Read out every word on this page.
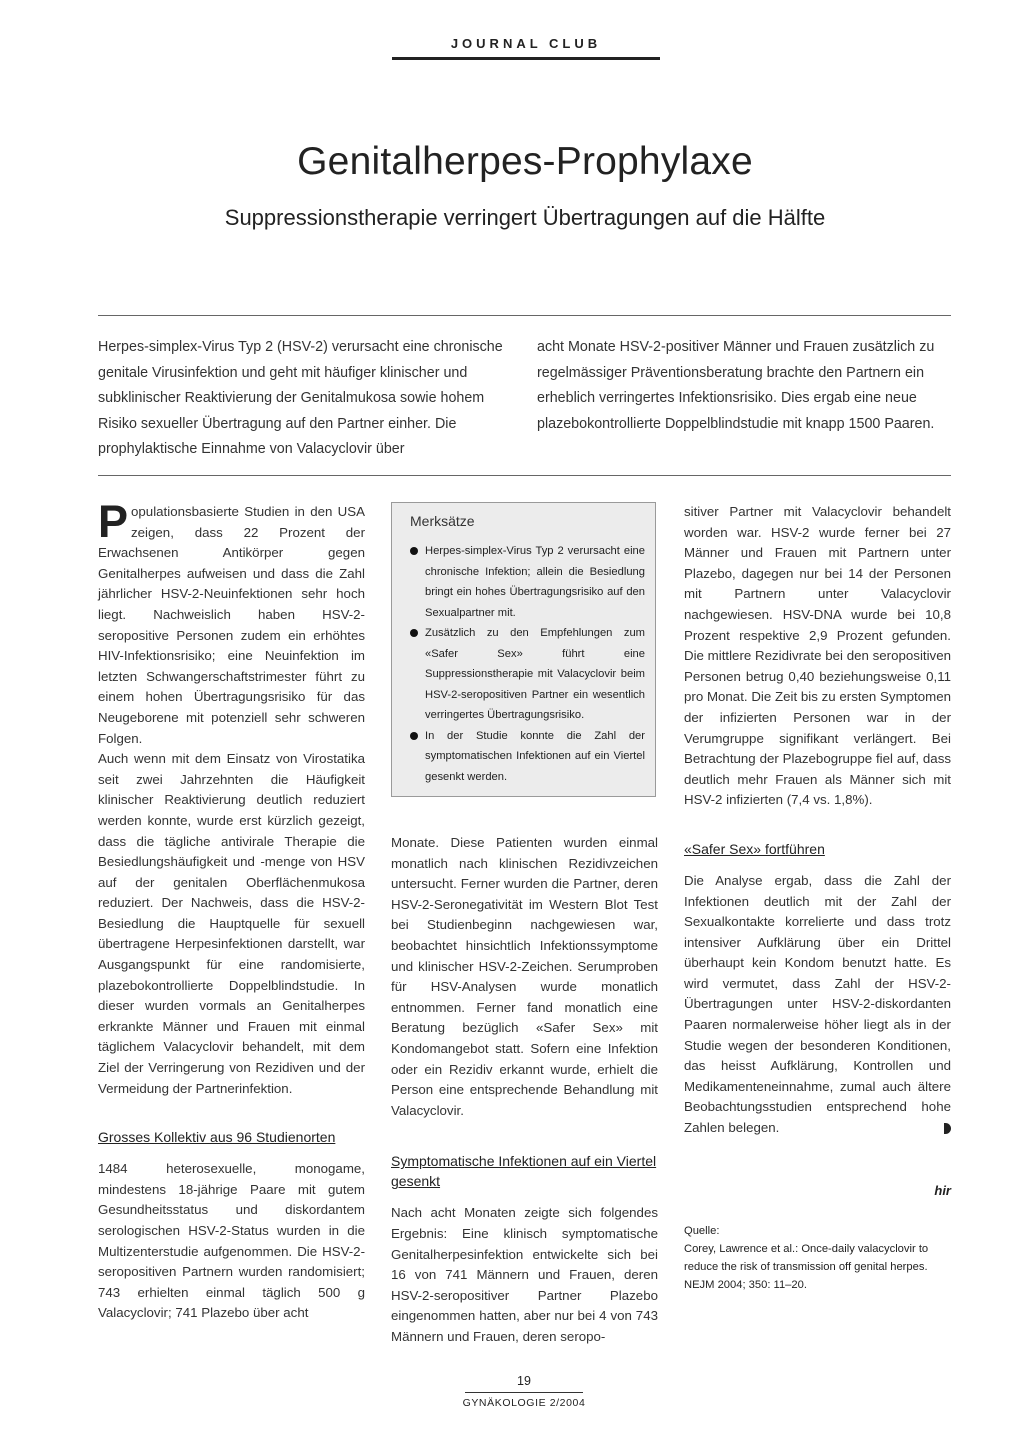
JOURNAL CLUB
Genitalherpes-Prophylaxe
Suppressionstherapie verringert Übertragungen auf die Hälfte

Herpes-simplex-Virus Typ 2 (HSV-2) verursacht eine chronische genitale Virusinfektion und geht mit häufiger klinischer und subklinischer Reaktivierung der Genitalmukosa sowie hohem Risiko sexueller Übertragung auf den Partner einher. Die prophylaktische Einnahme von Valacyclovir über

acht Monate HSV-2-positiver Männer und Frauen zusätzlich zu regelmässiger Präventionsberatung brachte den Partnern ein erheblich verringertes Infektionsrisiko. Dies ergab eine neue plazebokontrollierte Doppelblindstudie mit knapp 1500 Paaren.

Populationsbasierte Studien in den USA zeigen, dass 22 Prozent der Erwachsenen Antikörper gegen Genitalherpes aufweisen und dass die Zahl jährlicher HSV-2-Neuinfektionen sehr hoch liegt. Nachweislich haben HSV-2-seropositive Personen zudem ein erhöhtes HIV-Infektionsrisiko; eine Neuinfektion im letzten Schwangerschaftstrimester führt zu einem hohen Übertragungsrisiko für das Neugeborene mit potenziell sehr schweren Folgen.

Auch wenn mit dem Einsatz von Virostatika seit zwei Jahrzehnten die Häufigkeit klinischer Reaktivierung deutlich reduziert werden konnte, wurde erst kürzlich gezeigt, dass die tägliche antivirale Therapie die Besiedlungshäufigkeit und -menge von HSV auf der genitalen Oberflächenmukosa reduziert. Der Nachweis, dass die HSV-2-Besiedlung die Hauptquelle für sexuell übertragene Herpesinfektionen darstellt, war Ausgangspunkt für eine randomisierte, plazebokontrollierte Doppelblindstudie. In dieser wurden vormals an Genitalherpes erkrankte Männer und Frauen mit einmal täglichem Valacyclovir behandelt, mit dem Ziel der Verringerung von Rezidiven und der Vermeidung der Partnerinfektion.

Grosses Kollektiv aus 96 Studienorten

1484 heterosexuelle, monogame, mindestens 18-jährige Paare mit gutem Gesundheitsstatus und diskordantem serologischen HSV-2-Status wurden in die Multizenterstudie aufgenommen. Die HSV-2-seropositiven Partnern wurden randomisiert; 743 erhielten einmal täglich 500 g Valacyclovir; 741 Plazebo über acht

Merksätze
Herpes-simplex-Virus Typ 2 verursacht eine chronische Infektion; allein die Besiedlung bringt ein hohes Übertragungsrisiko auf den Sexualpartner mit.
Zusätzlich zu den Empfehlungen zum «Safer Sex» führt eine Suppressionstherapie mit Valacyclovir beim HSV-2-seropositiven Partner ein wesentlich verringertes Übertragungsrisiko.
In der Studie konnte die Zahl der symptomatischen Infektionen auf ein Viertel gesenkt werden.

Monate. Diese Patienten wurden einmal monatlich nach klinischen Rezidivzeichen untersucht. Ferner wurden die Partner, deren HSV-2-Seronegativität im Western Blot Test bei Studienbeginn nachgewiesen war, beobachtet hinsichtlich Infektionssymptome und klinischer HSV-2-Zeichen. Serumproben für HSV-Analysen wurde monatlich entnommen. Ferner fand monatlich eine Beratung bezüglich «Safer Sex» mit Kondomangebot statt. Sofern eine Infektion oder ein Rezidiv erkannt wurde, erhielt die Person eine entsprechende Behandlung mit Valacyclovir.

Symptomatische Infektionen auf ein Viertel gesenkt

Nach acht Monaten zeigte sich folgendes Ergebnis: Eine klinisch symptomatische Genitalherpesinfektion entwickelte sich bei 16 von 741 Männern und Frauen, deren HSV-2-seropositiver Partner Plazebo eingenommen hatten, aber nur bei 4 von 743 Männern und Frauen, deren seropo-

sitiver Partner mit Valacyclovir behandelt worden war. HSV-2 wurde ferner bei 27 Männer und Frauen mit Partnern unter Plazebo, dagegen nur bei 14 der Personen mit Partnern unter Valacyclovir nachgewiesen. HSV-DNA wurde bei 10,8 Prozent respektive 2,9 Prozent gefunden. Die mittlere Rezidivrate bei den seropositiven Personen betrug 0,40 beziehungsweise 0,11 pro Monat. Die Zeit bis zu ersten Symptomen der infizierten Personen war in der Verumgruppe signifikant verlängert. Bei Betrachtung der Plazebogruppe fiel auf, dass deutlich mehr Frauen als Männer sich mit HSV-2 infizierten (7,4 vs. 1,8%).

«Safer Sex» fortführen

Die Analyse ergab, dass die Zahl der Infektionen deutlich mit der Zahl der Sexualkontakte korrelierte und dass trotz intensiver Aufklärung über ein Drittel überhaupt kein Kondom benutzt hatte. Es wird vermutet, dass Zahl der HSV-2-Übertragungen unter HSV-2-diskordanten Paaren normalerweise höher liegt als in der Studie wegen der besonderen Konditionen, das heisst Aufklärung, Kontrollen und Medikamenteneinnahme, zumal auch ältere Beobachtungsstudien entsprechend hohe Zahlen belegen.

hir

Quelle:

Corey, Lawrence et al.: Once-daily valacyclovir to reduce the risk of transmission off genital herpes. NEJM 2004; 350: 11–20.

19
GYNÄKOLOGIE 2/2004
